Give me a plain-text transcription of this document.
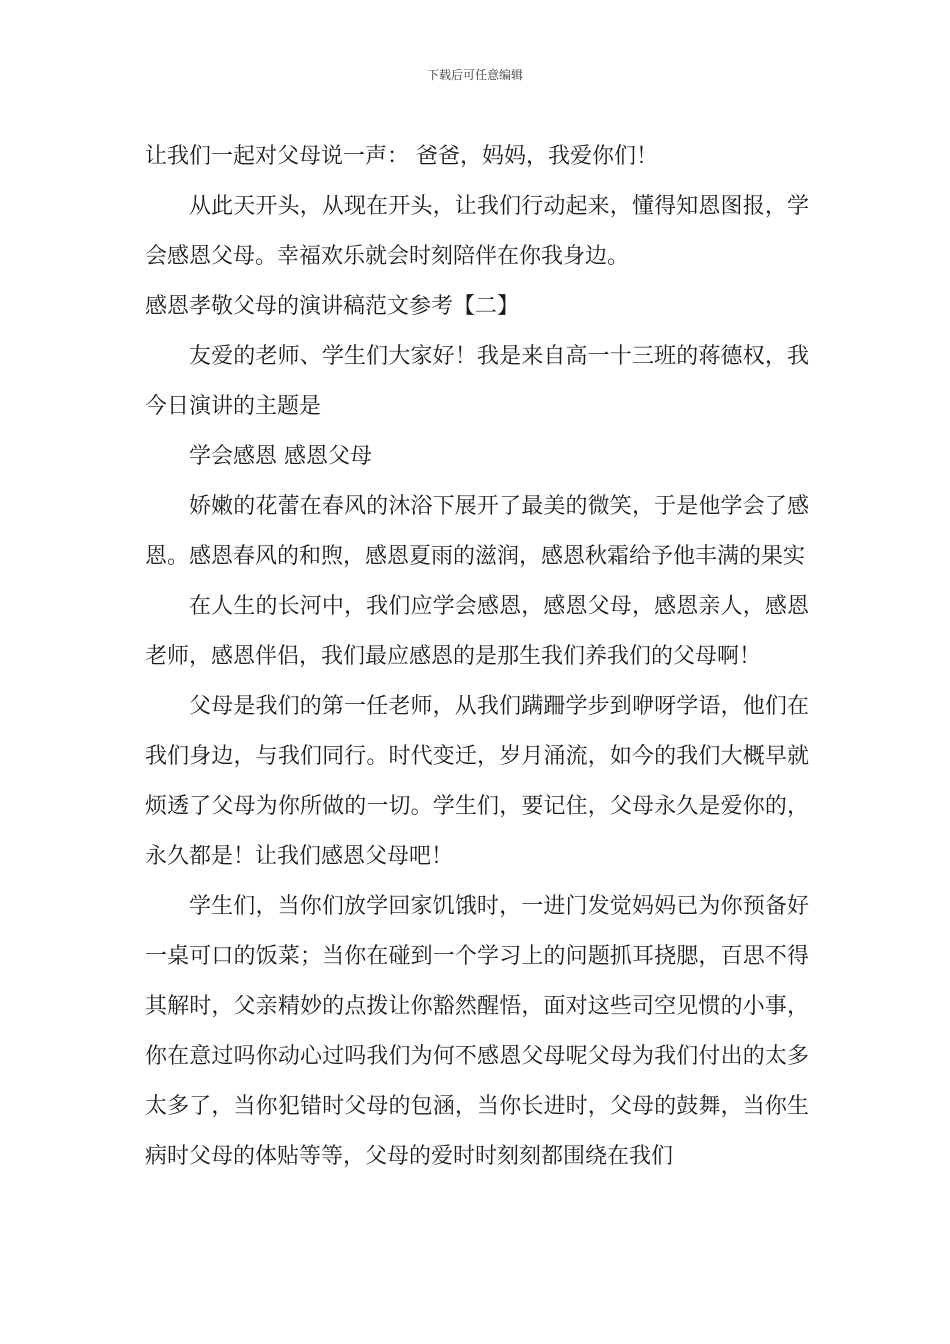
下载后可任意编辑

让我们一起对父母说一声： 爸爸，妈妈，我爱你们！

从此天开头，从现在开头，让我们行动起来，懂得知恩图报，学会感恩父母。幸福欢乐就会时刻陪伴在你我身边。

感恩孝敬父母的演讲稿范文参考【二】

友爱的老师、学生们大家好！我是来自高一十三班的蒋德权，我今日演讲的主题是

学会感恩 感恩父母

娇嫩的花蕾在春风的沐浴下展开了最美的微笑，于是他学会了感恩。感恩春风的和煦，感恩夏雨的滋润，感恩秋霜给予他丰满的果实

在人生的长河中，我们应学会感恩，感恩父母，感恩亲人，感恩老师，感恩伴侣，我们最应感恩的是那生我们养我们的父母啊！

父母是我们的第一任老师，从我们蹒跚学步到咿呀学语，他们在我们身边，与我们同行。时代变迁，岁月涌流，如今的我们大概早就烦透了父母为你所做的一切。学生们，要记住，父母永久是爱你的，永久都是！让我们感恩父母吧！

学生们，当你们放学回家饥饿时，一进门发觉妈妈已为你预备好一桌可口的饭菜；当你在碰到一个学习上的问题抓耳挠腮，百思不得其解时，父亲精妙的点拨让你豁然醒悟，面对这些司空见惯的小事，你在意过吗你动心过吗我们为何不感恩父母呢父母为我们付出的太多太多了，当你犯错时父母的包涵，当你长进时，父母的鼓舞，当你生病时父母的体贴等等，父母的爱时时刻刻都围绕在我们
